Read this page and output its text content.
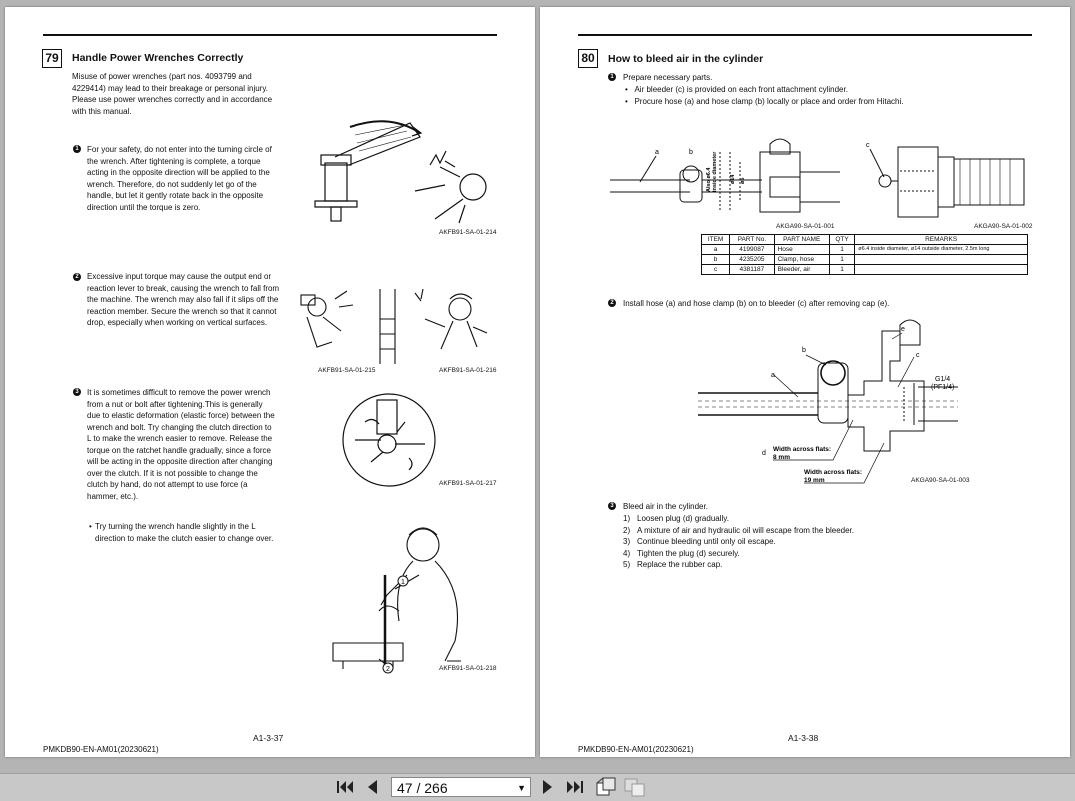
79	Handle Power Wrenches Correctly
Misuse of power wrenches (part nos. 4093799 and
4229414) may lead to their breakage or personal injury.
Please use power wrenches correctly and in accordance
with this manual.
1 For your safety, do not enter into the turning circle of
the wrench. After tightening is complete, a torque
acting in the opposite direction will be applied to the
wrench. Therefore, do not suddenly let go of the
handle, but let it gently rotate back in the opposite
direction until the torque is zero.
AKFB91-SA-01-214
2 Excessive input torque may cause the output end or
reaction lever to break, causing the wrench to fall from
the machine. The wrench may also fall if it slips off the
reaction member. Secure the wrench so that it cannot
drop, especially when working on vertical surfaces.
AKFB91-SA-01-215	AKFB91-SA-01-216
3 It is sometimes difficult to remove the power wrench
from a nut or bolt after tightening.This is generally
due to elastic deformation (elastic force) between the
wrench and bolt. Try changing the clutch direction to
L to make the wrench easier to remove. Release the
torque on the ratchet handle gradually, since a force
will be acting in the opposite direction after changing
over the clutch. If it is not possible to change the
clutch by hand, do not attempt to use force (a
hammer, etc.).
AKFB91-SA-01-217
• Try turning the wrench handle slightly in the L
direction to make the clutch easier to change over.
1
2	AKFB91-SA-01-218
A1-3-37
PMKDB90-EN-AM01(20230621)
80	How to bleed air in the cylinder
1 Prepare necessary parts.
•   Air bleeder (c) is provided on each front attachment cylinder.
•   Procure hose (a) and hose clamp (b) locally or place and order from Hitachi.
a	b
Also ø6.4 inside diameter ø14 ø5
AKGA90-SA-01-001
c
AKGA90-SA-01-002
ITEM	PART No.	PART NAME	QTY	REMARKS
a	4199087	Hose	1	ø6.4 inside diameter, ø14 outside diameter, 2.5m long
b	4235205	Clamp, hose	1	
c	4381187	Bleeder, air	1	
2 Install hose (a) and hose clamp (b) on to bleeder (c) after removing cap (e).
e
b
c
a
d
G1/4
(PF1/4)
Width across flats:
8 mm
Width across flats:
19 mm	AKGA90-SA-01-003
3 Bleed air in the cylinder.
1) Loosen plug (d) gradually.
2) A mixture of air and hydraulic oil will escape from the bleeder.
3) Continue bleeding until only oil escape.
4) Tighten the plug (d) securely.
5) Replace the rubber cap.
A1-3-38
PMKDB90-EN-AM01(20230621)
47 / 266	▼
